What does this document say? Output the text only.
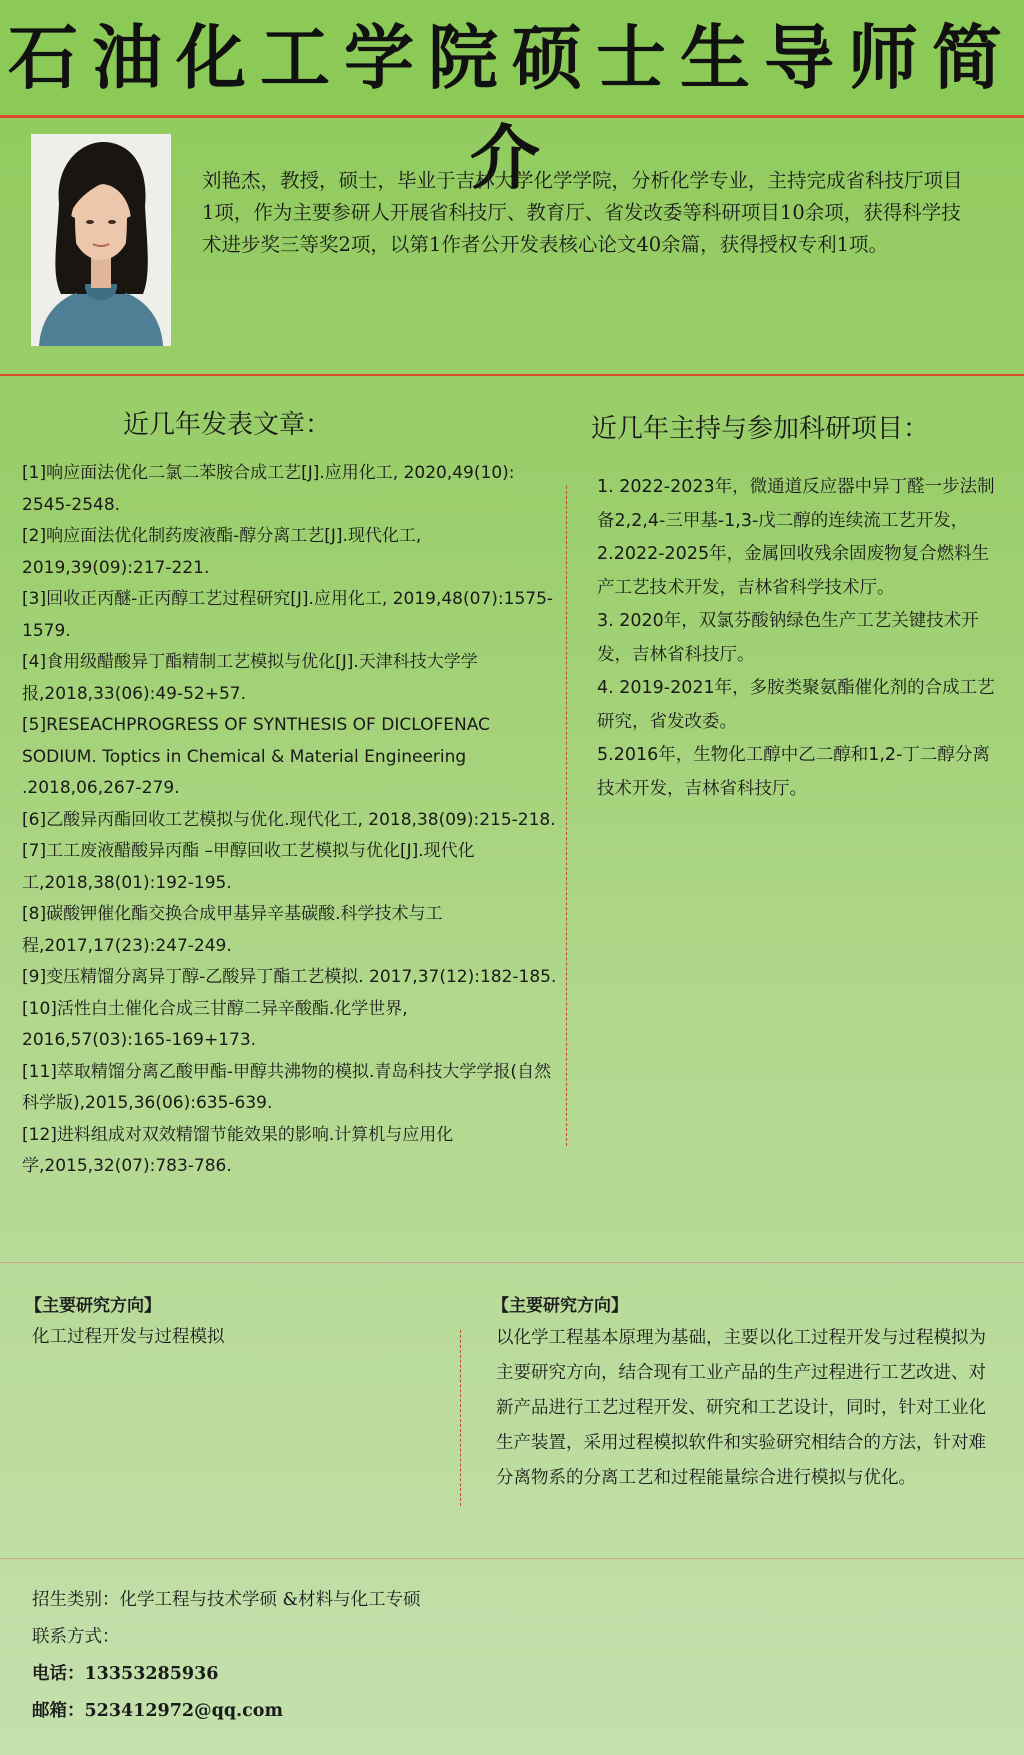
石油化工学院硕士生导师简介

刘艳杰，教授，硕士，毕业于吉林大学化学学院，分析化学专业，主持完成省科技厅项目1项，作为主要参研人开展省科技厅、教育厅、省发改委等科研项目10余项，获得科学技术进步奖三等奖2项，以第1作者公开发表核心论文40余篇，获得授权专利1项。

近几年发表文章：	近几年主持与参加科研项目：

[1]响应面法优化二氯二苯胺合成工艺[J].应用化工, 2020,49(10): 2545-2548.

[2]响应面法优化制药废液酯-醇分离工艺[J].现代化工, 2019,39(09):217-221.

[3]回收正丙醚-正丙醇工艺过程研究[J].应用化工, 2019,48(07):1575-1579.

[4]食用级醋酸异丁酯精制工艺模拟与优化[J].天津科技大学学报,2018,33(06):49-52+57.

[5]RESEACHPROGRESS OF SYNTHESIS OF DICLOFENAC SODIUM. Toptics in Chemical & Material Engineering .2018,06,267-279.

[6]乙酸异丙酯回收工艺模拟与优化.现代化工, 2018,38(09):215-218.

[7]工工废液醋酸异丙酯 –甲醇回收工艺模拟与优化[J].现代化工,2018,38(01):192-195.

[8]碳酸钾催化酯交换合成甲基异辛基碳酸.科学技术与工程,2017,17(23):247-249.

[9]变压精馏分离异丁醇-乙酸异丁酯工艺模拟. 2017,37(12):182-185.

[10]活性白土催化合成三甘醇二异辛酸酯.化学世界, 2016,57(03):165-169+173.

[11]萃取精馏分离乙酸甲酯-甲醇共沸物的模拟.青岛科技大学学报(自然科学版),2015,36(06):635-639.

[12]进料组成对双效精馏节能效果的影响.计算机与应用化学,2015,32(07):783-786.

1. 2022-2023年，微通道反应器中异丁醛一步法制备2,2,4-三甲基-1,3-戊二醇的连续流工艺开发，

2.2022-2025年，金属回收残余固废物复合燃料生产工艺技术开发，吉林省科学技术厅。

3. 2020年，双氯芬酸钠绿色生产工艺关键技术开发，吉林省科技厅。

4. 2019-2021年，多胺类聚氨酯催化剂的合成工艺研究，省发改委。

5.2016年，生物化工醇中乙二醇和1,2-丁二醇分离技术开发，吉林省科技厅。

【主要研究方向】
化工过程开发与过程模拟
【主要研究方向】
以化学工程基本原理为基础，主要以化工过程开发与过程模拟为主要研究方向，结合现有工业产品的生产过程进行工艺改进、对新产品进行工艺过程开发、研究和工艺设计，同时，针对工业化生产装置，采用过程模拟软件和实验研究相结合的方法，针对难分离物系的分离工艺和过程能量综合进行模拟与优化。

招生类别：化学工程与技术学硕 &材料与化工专硕

联系方式：

电话：13353285936

邮箱：523412972@qq.com
